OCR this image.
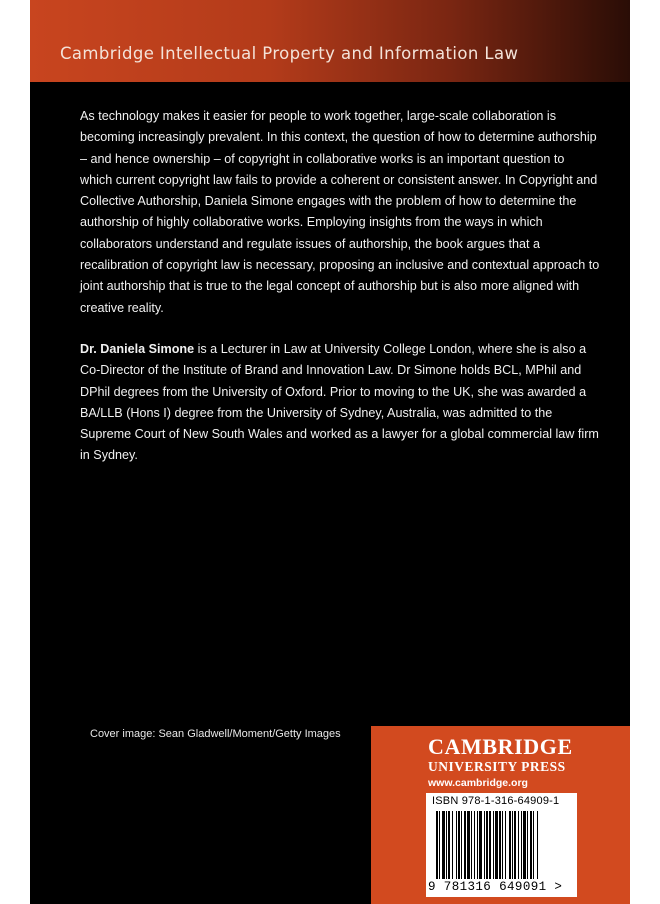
Cambridge Intellectual Property and Information Law

As technology makes it easier for people to work together, large-scale collaboration is becoming increasingly prevalent. In this context, the question of how to determine authorship – and hence ownership – of copyright in collaborative works is an important question to which current copyright law fails to provide a coherent or consistent answer. In Copyright and Collective Authorship, Daniela Simone engages with the problem of how to determine the authorship of highly collaborative works. Employing insights from the ways in which collaborators understand and regulate issues of authorship, the book argues that a recalibration of copyright law is necessary, proposing an inclusive and contextual approach to joint authorship that is true to the legal concept of authorship but is also more aligned with creative reality.

Dr. Daniela Simone is a Lecturer in Law at University College London, where she is also a Co-Director of the Institute of Brand and Innovation Law. Dr Simone holds BCL, MPhil and DPhil degrees from the University of Oxford. Prior to moving to the UK, she was awarded a BA/LLB (Hons I) degree from the University of Sydney, Australia, was admitted to the Supreme Court of New South Wales and worked as a lawyer for a global commercial law firm in Sydney.

Cover image: Sean Gladwell/Moment/Getty Images	CAMBRIDGE
UNIVERSITY PRESS
www.cambridge.org
ISBN 978-1-316-64909-1
9 781316 649091 >
